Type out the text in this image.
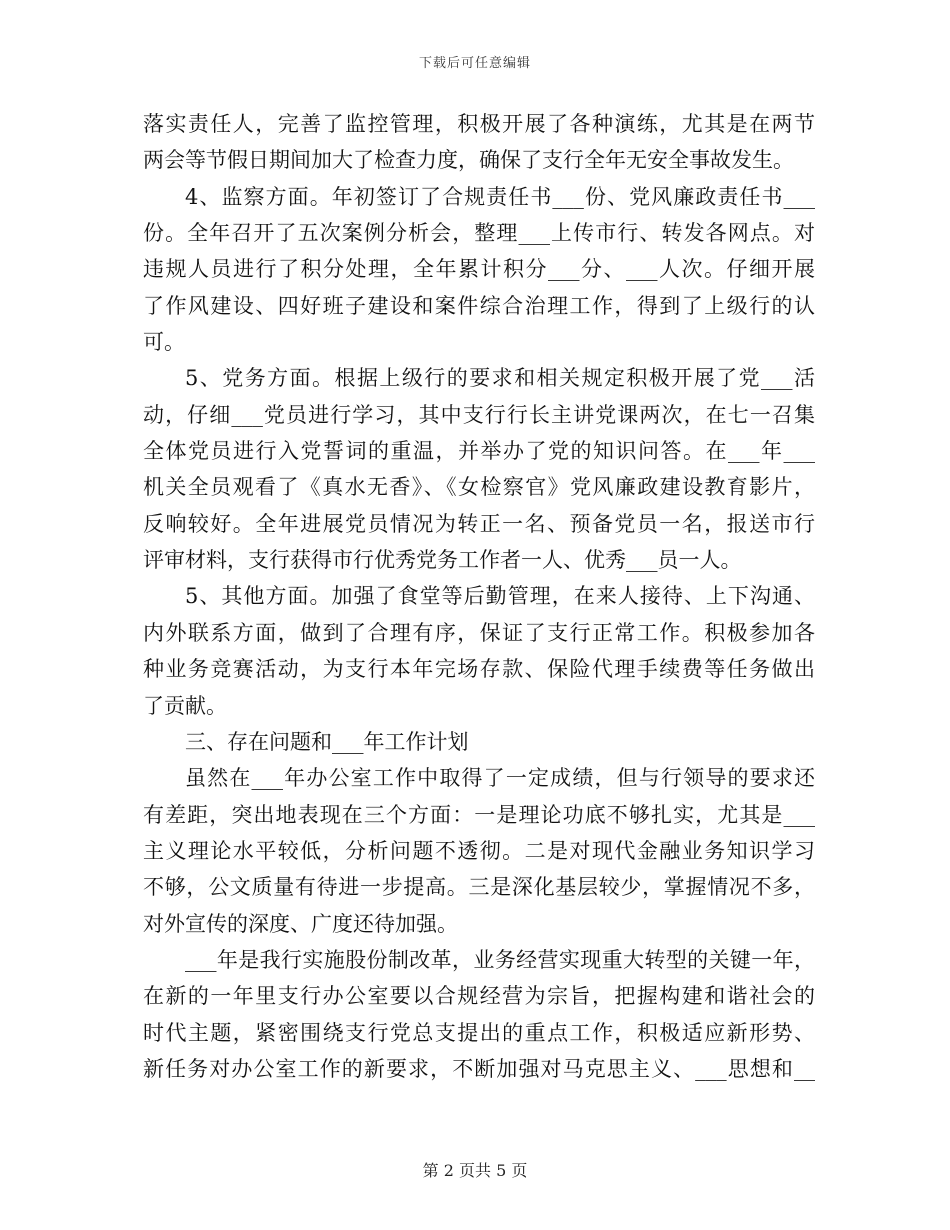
下载后可任意编辑
落实责任人，完善了监控管理，积极开展了各种演练，尤其是在两节
两会等节假日期间加大了检查力度，确保了支行全年无安全事故发生。
4、监察方面。年初签订了合规责任书___份、党风廉政责任书___
份。全年召开了五次案例分析会，整理___上传市行、转发各网点。对
违规人员进行了积分处理，全年累计积分___分、___人次。仔细开展
了作风建设、四好班子建设和案件综合治理工作，得到了上级行的认
可。
5、党务方面。根据上级行的要求和相关规定积极开展了党___活
动，仔细___党员进行学习，其中支行行长主讲党课两次，在七一召集
全体党员进行入党誓词的重温，并举办了党的知识问答。在___年___
机关全员观看了《真水无香》、《女检察官》党风廉政建设教育影片，
反响较好。全年进展党员情况为转正一名、预备党员一名，报送市行
评审材料，支行获得市行优秀党务工作者一人、优秀___员一人。
5、其他方面。加强了食堂等后勤管理，在来人接待、上下沟通、
内外联系方面，做到了合理有序，保证了支行正常工作。积极参加各
种业务竞赛活动，为支行本年完场存款、保险代理手续费等任务做出
了贡献。
三、存在问题和___年工作计划
虽然在___年办公室工作中取得了一定成绩，但与行领导的要求还
有差距，突出地表现在三个方面：一是理论功底不够扎实，尤其是___
主义理论水平较低，分析问题不透彻。二是对现代金融业务知识学习
不够，公文质量有待进一步提高。三是深化基层较少，掌握情况不多，
对外宣传的深度、广度还待加强。
___年是我行实施股份制改革，业务经营实现重大转型的关键一年，
在新的一年里支行办公室要以合规经营为宗旨，把握构建和谐社会的
时代主题，紧密围绕支行党总支提出的重点工作，积极适应新形势、
新任务对办公室工作的新要求，不断加强对马克思主义、___思想和__
第 2 页共 5 页
